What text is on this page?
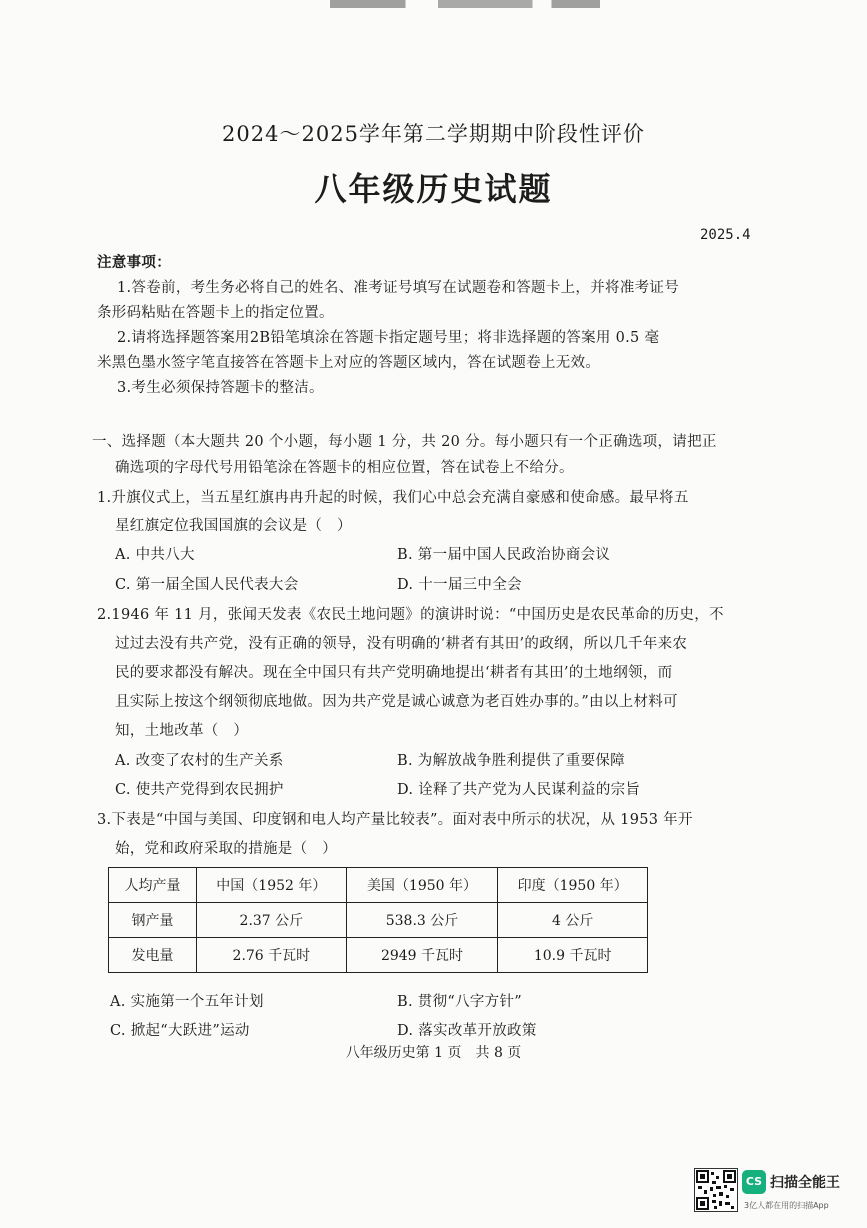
2024～2025学年第二学期期中阶段性评价
八年级历史试题
2025.4
注意事项：
1.答卷前，考生务必将自己的姓名、准考证号填写在试题卷和答题卡上，并将准考证号
条形码粘贴在答题卡上的指定位置。
2.请将选择题答案用2B铅笔填涂在答题卡指定题号里；将非选择题的答案用 0.5 毫
米黑色墨水签字笔直接答在答题卡上对应的答题区域内，答在试题卷上无效。
3.考生必须保持答题卡的整洁。
一、选择题（本大题共 20 个小题，每小题 1 分，共 20 分。每小题只有一个正确选项，请把正
确选项的字母代号用铅笔涂在答题卡的相应位置，答在试卷上不给分。
1.升旗仪式上，当五星红旗冉冉升起的时候，我们心中总会充满自豪感和使命感。最早将五
星红旗定位我国国旗的会议是（　）
A. 中共八大	B. 第一届中国人民政治协商会议
C. 第一届全国人民代表大会	D. 十一届三中全会
2.1946 年 11 月，张闻天发表《农民土地问题》的演讲时说：“中国历史是农民革命的历史，不
过过去没有共产党，没有正确的领导，没有明确的‘耕者有其田’的政纲，所以几千年来农
民的要求都没有解决。现在全中国只有共产党明确地提出‘耕者有其田’的土地纲领，而
且实际上按这个纲领彻底地做。因为共产党是诚心诚意为老百姓办事的。”由以上材料可
知，土地改革（　）
A. 改变了农村的生产关系	B. 为解放战争胜利提供了重要保障
C. 使共产党得到农民拥护	D. 诠释了共产党为人民谋利益的宗旨
3.下表是“中国与美国、印度钢和电人均产量比较表”。面对表中所示的状况，从 1953 年开
始，党和政府采取的措施是（　）
人均产量	中国（1952 年）	美国（1950 年）	印度（1950 年）
钢产量	2.37 公斤	538.3 公斤	4 公斤
发电量	2.76 千瓦时	2949 千瓦时	10.9 千瓦时
A. 实施第一个五年计划	B. 贯彻“八字方针”
C. 掀起“大跃进”运动	D. 落实改革开放政策
八年级历史第 1 页　共 8 页
CS 扫描全能王
3亿人都在用的扫描App
